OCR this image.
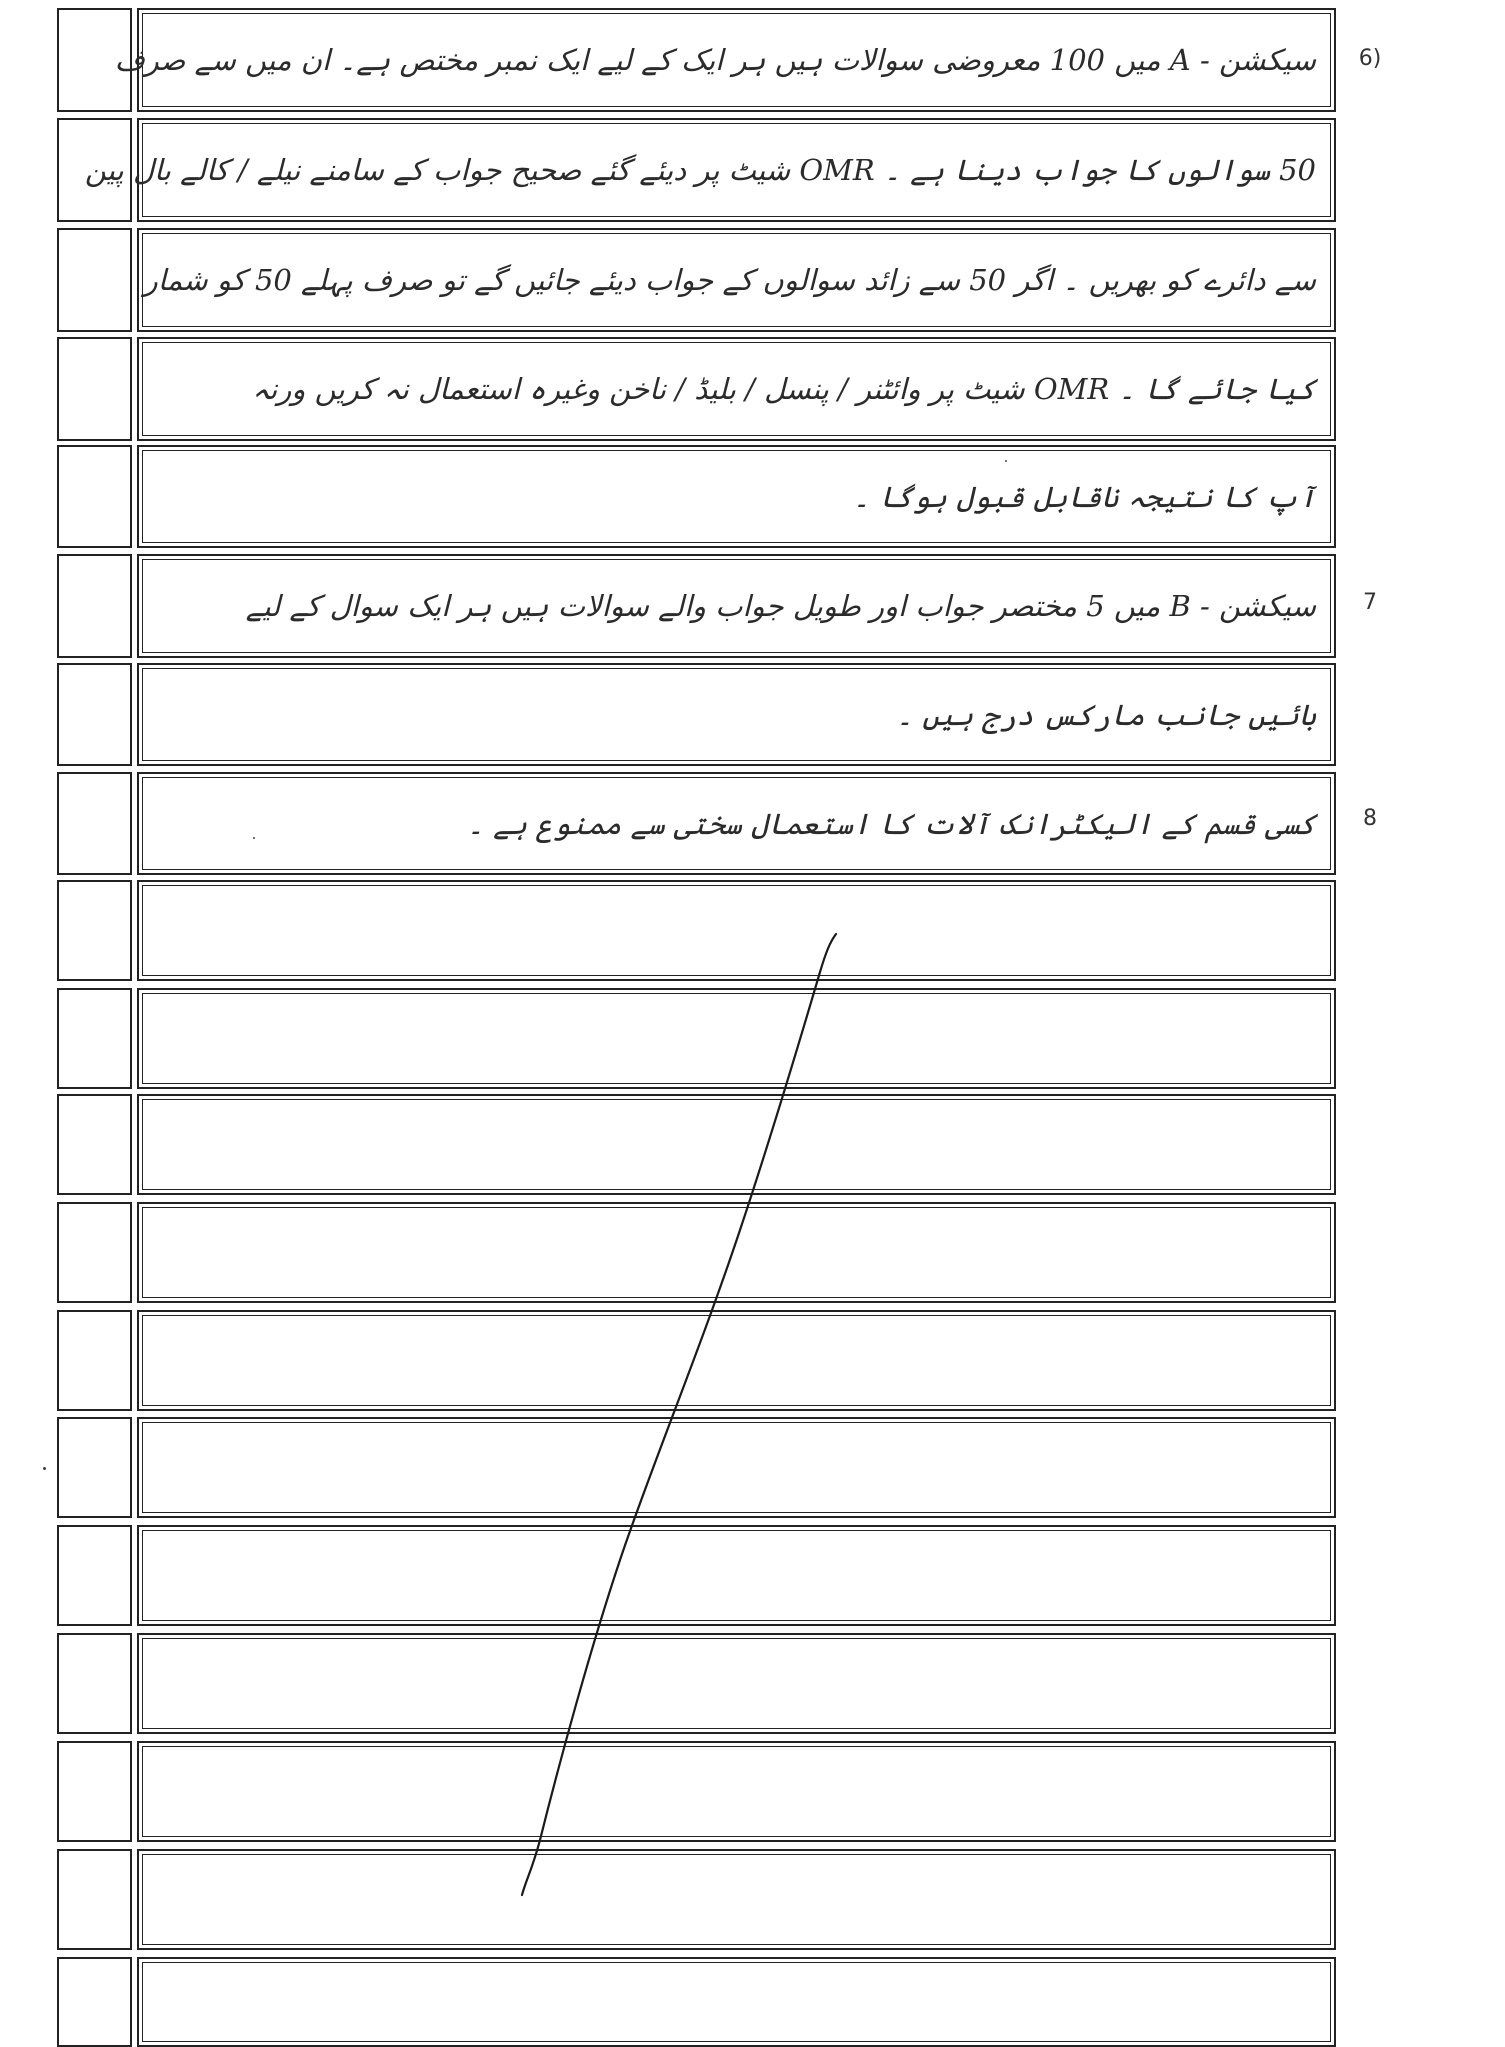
سیکشن - A میں 100 معروضی سوالات ہیں ہر ایک کے لیے ایک نمبر مختص ہے۔ ان میں سے صرف	6)
50 سوالوں کا جواب دینا ہے ۔ OMR شیٹ پر دیئے گئے صحیح جواب کے سامنے نیلے / کالے بال پین
سے دائرے کو بھریں ۔ اگر 50 سے زائد سوالوں کے جواب دیئے جائیں گے تو صرف پہلے 50 کو شمار
کیا جائے گا ۔ OMR شیٹ پر وائٹنر / پنسل / بلیڈ / ناخن وغیرہ استعمال نہ کریں ورنہ
آپ کا نتیجہ ناقابل قبول ہوگا ۔
سیکشن - B میں 5 مختصر جواب اور طویل جواب والے سوالات ہیں ہر ایک سوال کے لیے	7
بائیں جانب مارکس درج ہیں ۔
کسی قسم کے الیکٹرانک آلات کا استعمال سختی سے ممنوع ہے ۔	8
